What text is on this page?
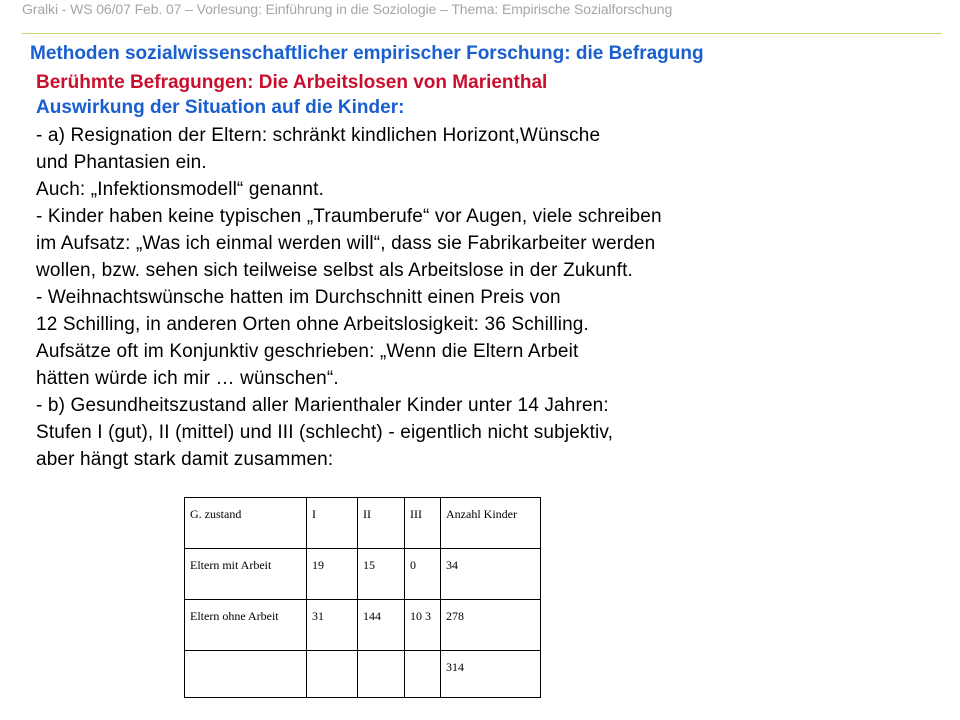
Gralki - WS 06/07 Feb. 07 – Vorlesung: Einführung in die Soziologie – Thema: Empirische Sozialforschung
Methoden sozialwissenschaftlicher empirischer Forschung: die Befragung
Berühmte Befragungen: Die Arbeitslosen von Marienthal
Auswirkung der Situation auf die Kinder:
- a) Resignation der Eltern: schränkt kindlichen Horizont,Wünsche
und Phantasien ein.
Auch: „Infektionsmodell“ genannt.
- Kinder haben keine typischen „Traumberufe“ vor Augen, viele schreiben
im Aufsatz: „Was ich einmal werden will“, dass sie Fabrikarbeiter werden
wollen, bzw. sehen sich teilweise selbst als Arbeitslose in der Zukunft.
- Weihnachtswünsche hatten im Durchschnitt einen Preis von
12 Schilling, in anderen Orten ohne Arbeitslosigkeit: 36 Schilling.
Aufsätze oft im Konjunktiv geschrieben: „Wenn die Eltern Arbeit
hätten würde ich mir … wünschen“.
- b) Gesundheitszustand aller Marienthaler Kinder unter 14 Jahren:
Stufen I (gut), II (mittel) und III (schlecht) - eigentlich nicht subjektiv,
aber hängt stark damit zusammen:
G. zustand	I	II	III	Anzahl Kinder
Eltern mit Arbeit	19	15	0	34
Eltern ohne Arbeit	31	144	10 3	278
				314
